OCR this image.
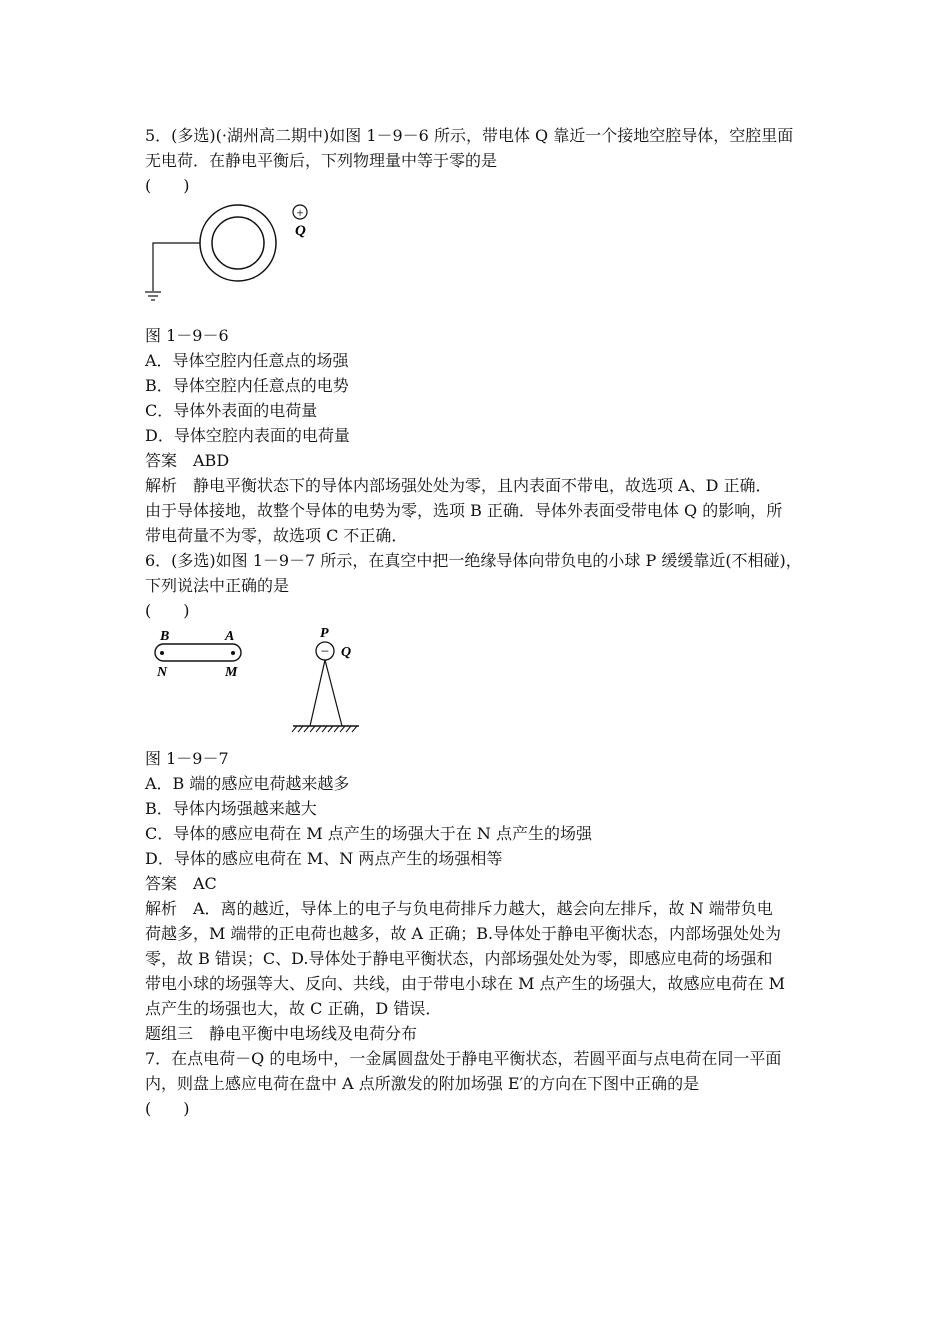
5．(多选)(·湖州高二期中)如图 1－9－6 所示，带电体 Q 靠近一个接地空腔导体，空腔里面
无电荷．在静电平衡后，下列物理量中等于零的是
(　　)
+
Q
图 1－9－6
A．导体空腔内任意点的场强
B．导体空腔内任意点的电势
C．导体外表面的电荷量
D．导体空腔内表面的电荷量
答案　ABD
解析　静电平衡状态下的导体内部场强处处为零，且内表面不带电，故选项 A、D 正确．
由于导体接地，故整个导体的电势为零，选项 B 正确．导体外表面受带电体 Q 的影响，所
带电荷量不为零，故选项 C 不正确．
6．(多选)如图 1－9－7 所示，在真空中把一绝缘导体向带负电的小球 P 缓缓靠近(不相碰)，
下列说法中正确的是
(　　)
B	A
N	M
P
− Q
图 1－9－7
A．B 端的感应电荷越来越多
B．导体内场强越来越大
C．导体的感应电荷在 M 点产生的场强大于在 N 点产生的场强
D．导体的感应电荷在 M、N 两点产生的场强相等
答案　AC
解析　A．离的越近，导体上的电子与负电荷排斥力越大，越会向左排斥，故 N 端带负电
荷越多，M 端带的正电荷也越多，故 A 正确；B.导体处于静电平衡状态，内部场强处处为
零，故 B 错误；C、D.导体处于静电平衡状态，内部场强处处为零，即感应电荷的场强和
带电小球的场强等大、反向、共线，由于带电小球在 M 点产生的场强大，故感应电荷在 M
点产生的场强也大，故 C 正确，D 错误．
题组三　静电平衡中电场线及电荷分布
7．在点电荷－Q 的电场中，一金属圆盘处于静电平衡状态，若圆平面与点电荷在同一平面
内，则盘上感应电荷在盘中 A 点所激发的附加场强 E′的方向在下图中正确的是
(　　)
